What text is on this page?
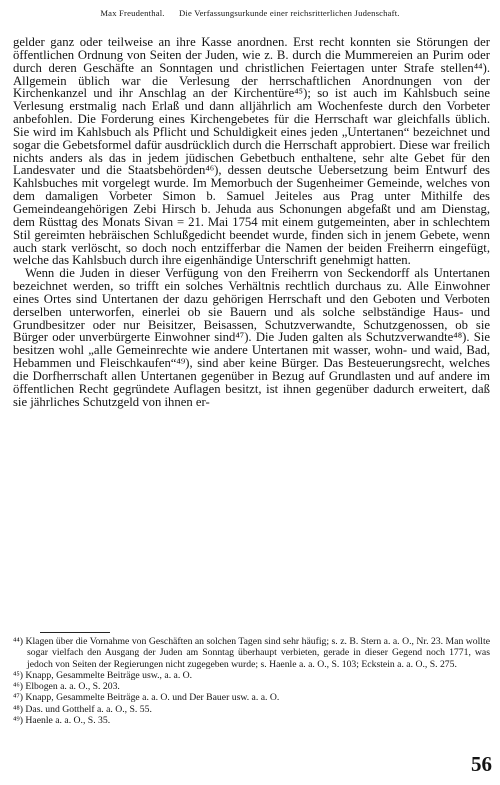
Max Freudenthal. Die Verfassungsurkunde einer reichsritterlichen Judenschaft.

gelder ganz oder teilweise an ihre Kasse anordnen. Erst recht konnten sie Störungen der öffentlichen Ordnung von Seiten der Juden, wie z. B. durch die Mummereien an Purim oder durch deren Geschäfte an Sonntagen und christlichen Feiertagen unter Strafe stellen⁴⁴). Allgemein üblich war die Verlesung der herrschaftlichen Anordnungen von der Kirchenkanzel und ihr Anschlag an der Kirchentüre⁴⁵); so ist auch im Kahlsbuch seine Verlesung erstmalig nach Erlaß und dann alljährlich am Wochenfeste durch den Vorbeter anbefohlen. Die Forderung eines Kirchengebetes für die Herrschaft war gleichfalls üblich. Sie wird im Kahlsbuch als Pflicht und Schuldigkeit eines jeden „Untertanen“ bezeichnet und sogar die Gebetsformel dafür ausdrücklich durch die Herrschaft approbiert. Diese war freilich nichts anders als das in jedem jüdischen Gebetbuch enthaltene, sehr alte Gebet für den Landesvater und die Staatsbehörden⁴⁶), dessen deutsche Uebersetzung beim Entwurf des Kahlsbuches mit vorgelegt wurde. Im Memorbuch der Sugenheimer Gemeinde, welches von dem damaligen Vorbeter Simon b. Samuel Jeiteles aus Prag unter Mithilfe des Gemeindeangehörigen Zebi Hirsch b. Jehuda aus Schonungen abgefaßt und am Dienstag, dem Rüsttag des Monats Sivan = 21. Mai 1754 mit einem gutgemeinten, aber in schlechtem Stil gereimten hebräischen Schlußgedicht beendet wurde, finden sich in jenem Gebete, wenn auch stark verlöscht, so doch noch entzifferbar die Namen der beiden Freiherrn eingefügt, welche das Kahlsbuch durch ihre eigenhändige Unterschrift genehmigt hatten.

Wenn die Juden in dieser Verfügung von den Freiherrn von Seckendorff als Untertanen bezeichnet werden, so trifft ein solches Verhältnis rechtlich durchaus zu. Alle Einwohner eines Ortes sind Untertanen der dazu gehörigen Herrschaft und den Geboten und Verboten derselben unterworfen, einerlei ob sie Bauern und als solche selbständige Haus- und Grundbesitzer oder nur Beisitzer, Beisassen, Schutzverwandte, Schutzgenossen, ob sie Bürger oder unverbürgerte Einwohner sind⁴⁷). Die Juden galten als Schutzverwandte⁴⁸). Sie besitzen wohl „alle Gemeinrechte wie andere Untertanen mit wasser, wohn- und waid, Bad, Hebammen und Fleischkaufen“⁴⁹), sind aber keine Bürger. Das Besteuerungsrecht, welches die Dorfherrschaft allen Untertanen gegenüber in Bezug auf Grundlasten und auf andere im öffentlichen Recht gegründete Auflagen besitzt, ist ihnen gegenüber dadurch erweitert, daß sie jährliches Schutzgeld von ihnen er-

⁴⁴) Klagen über die Vornahme von Geschäften an solchen Tagen sind sehr häufig; s. z. B. Stern a. a. O., Nr. 23. Man wollte sogar vielfach den Ausgang der Juden am Sonntag überhaupt verbieten, gerade in dieser Gegend noch 1771, was jedoch von Seiten der Regierungen nicht zugegeben wurde; s. Haenle a. a. O., S. 103; Eckstein a. a. O., S. 275.

⁴⁵) Knapp, Gesammelte Beiträge usw., a. a. O.

⁴⁶) Elbogen a. a. O., S. 203.

⁴⁷) Knapp, Gesammelte Beiträge a. a. O. und Der Bauer usw. a. a. O.

⁴⁸) Das. und Gotthelf a. a. O., S. 55.

⁴⁹) Haenle a. a. O., S. 35.

56
